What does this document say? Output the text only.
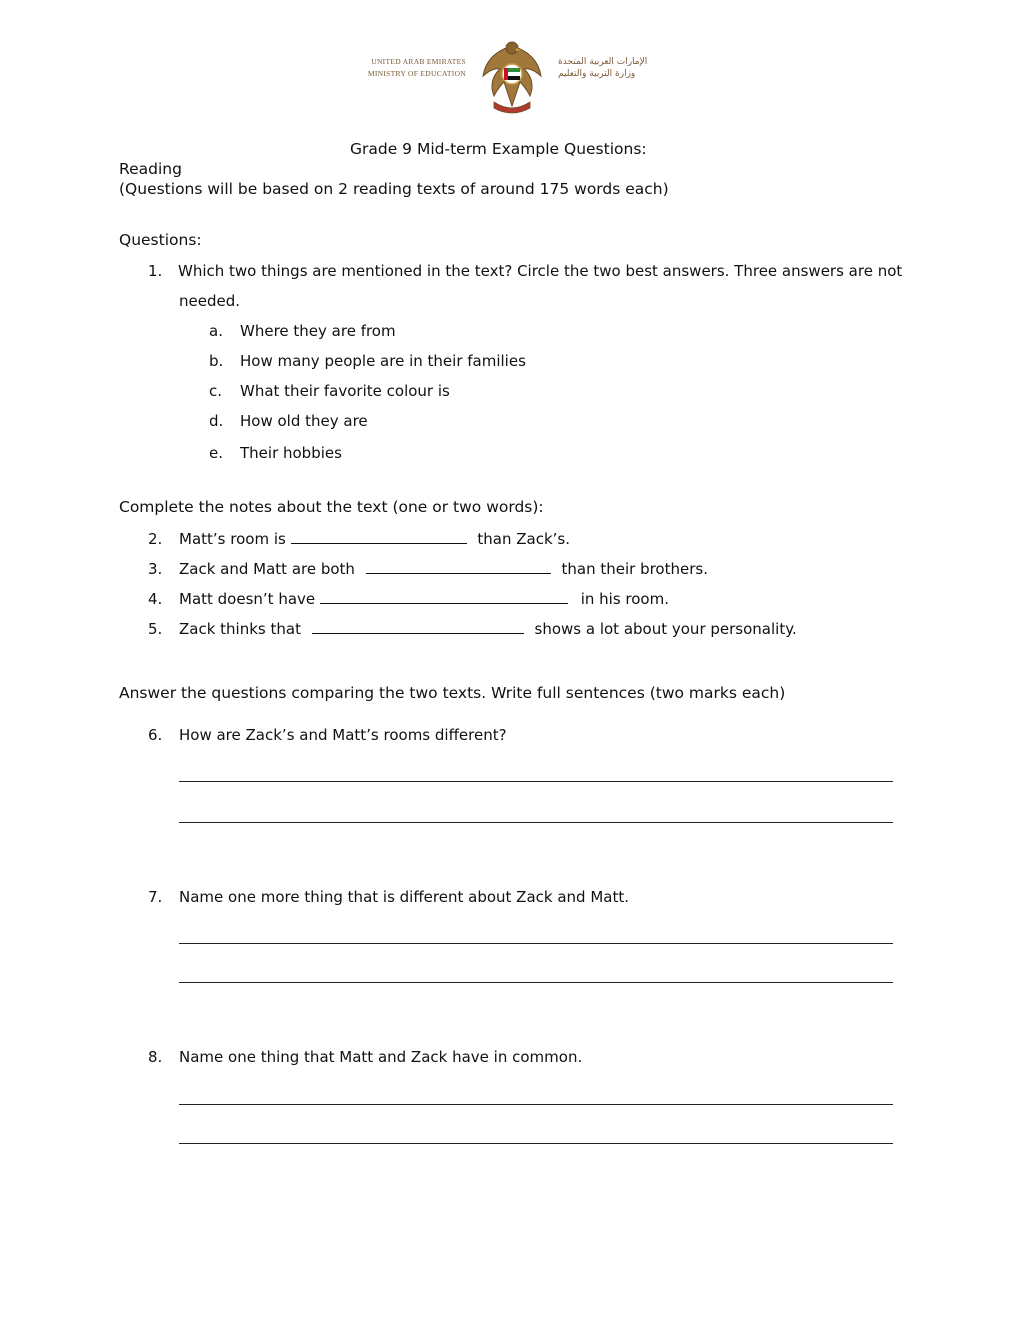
UNITED ARAB EMIRATES
MINISTRY OF EDUCATION
الإمارات العربية المتحدة
وزارة التربية والتعليم
Grade 9 Mid-term Example Questions:
Reading
(Questions will be based on 2 reading texts of around 175 words each)
Questions:
1. Which two things are mentioned in the text? Circle the two best answers. Three answers are not
needed.
a. Where they are from
b. How many people are in their families
c. What their favorite colour is
d. How old they are
e. Their hobbies
Complete the notes about the text (one or two words):
2. Matt’s room is	than Zack’s.
3. Zack and Matt are both	than their brothers.
4. Matt doesn’t have	in his room.
5. Zack thinks that	shows a lot about your personality.
Answer the questions comparing the two texts. Write full sentences (two marks each)
6. How are Zack’s and Matt’s rooms different?
7. Name one more thing that is different about Zack and Matt.
8. Name one thing that Matt and Zack have in common.
